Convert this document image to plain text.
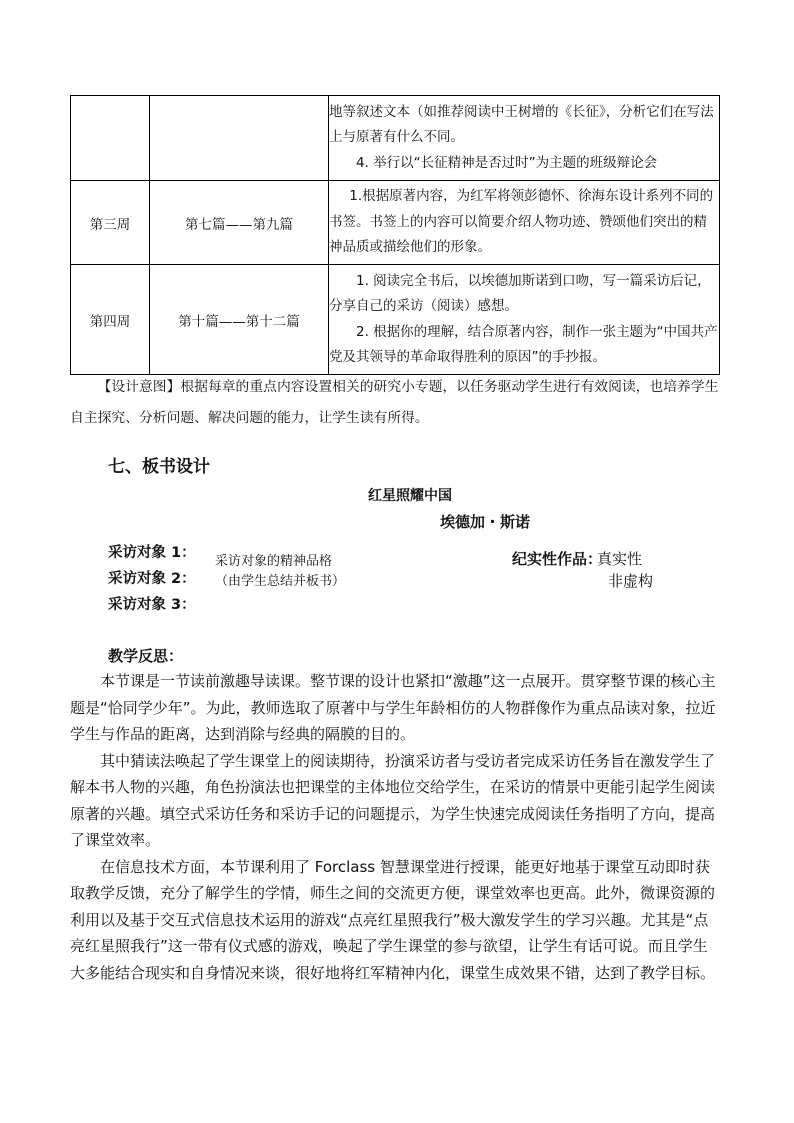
		地等叙述文本（如推荐阅读中王树增的《长征》，分析它们在写法上与原著有什么不同。
4. 举行以“长征精神是否过时”为主题的班级辩论会

第三周	第七篇——第九篇	1.根据原著内容，为红军将领彭德怀、徐海东设计系列不同的书签。书签上的内容可以简要介绍人物功迹、赞颂他们突出的精神品质或描绘他们的形象。

第四周	第十篇——第十二篇	1. 阅读完全书后，以埃德加斯诺到口吻，写一篇采访后记，分享自己的采访（阅读）感想。
2. 根据你的理解，结合原著内容，制作一张主题为“中国共产党及其领导的革命取得胜利的原因”的手抄报。
【设计意图】根据每章的重点内容设置相关的研究小专题，以任务驱动学生进行有效阅读，也培养学生自主探究、分析问题、解决问题的能力，让学生读有所得。
七、板书设计
红星照耀中国
埃德加・斯诺
采访对象 1：
采访对象 2：
采访对象 3：
采访对象的精神品格
（由学生总结并板书）
纪实性作品：
真实性
非虚构
教学反思：

本节课是一节读前激趣导读课。整节课的设计也紧扣“激趣”这一点展开。贯穿整节课的核心主题是“恰同学少年”。为此，教师选取了原著中与学生年龄相仿的人物群像作为重点品读对象，拉近学生与作品的距离，达到消除与经典的隔膜的目的。

其中猜读法唤起了学生课堂上的阅读期待，扮演采访者与受访者完成采访任务旨在激发学生了解本书人物的兴趣，角色扮演法也把课堂的主体地位交给学生，在采访的情景中更能引起学生阅读原著的兴趣。填空式采访任务和采访手记的问题提示，为学生快速完成阅读任务指明了方向，提高了课堂效率。

在信息技术方面，本节课利用了 Forclass 智慧课堂进行授课，能更好地基于课堂互动即时获取教学反馈，充分了解学生的学情，师生之间的交流更方便，课堂效率也更高。此外，微课资源的利用以及基于交互式信息技术运用的游戏“点亮红星照我行”极大激发学生的学习兴趣。尤其是“点亮红星照我行”这一带有仪式感的游戏，唤起了学生课堂的参与欲望，让学生有话可说。而且学生大多能结合现实和自身情况来谈，很好地将红军精神内化，课堂生成效果不错，达到了教学目标。
